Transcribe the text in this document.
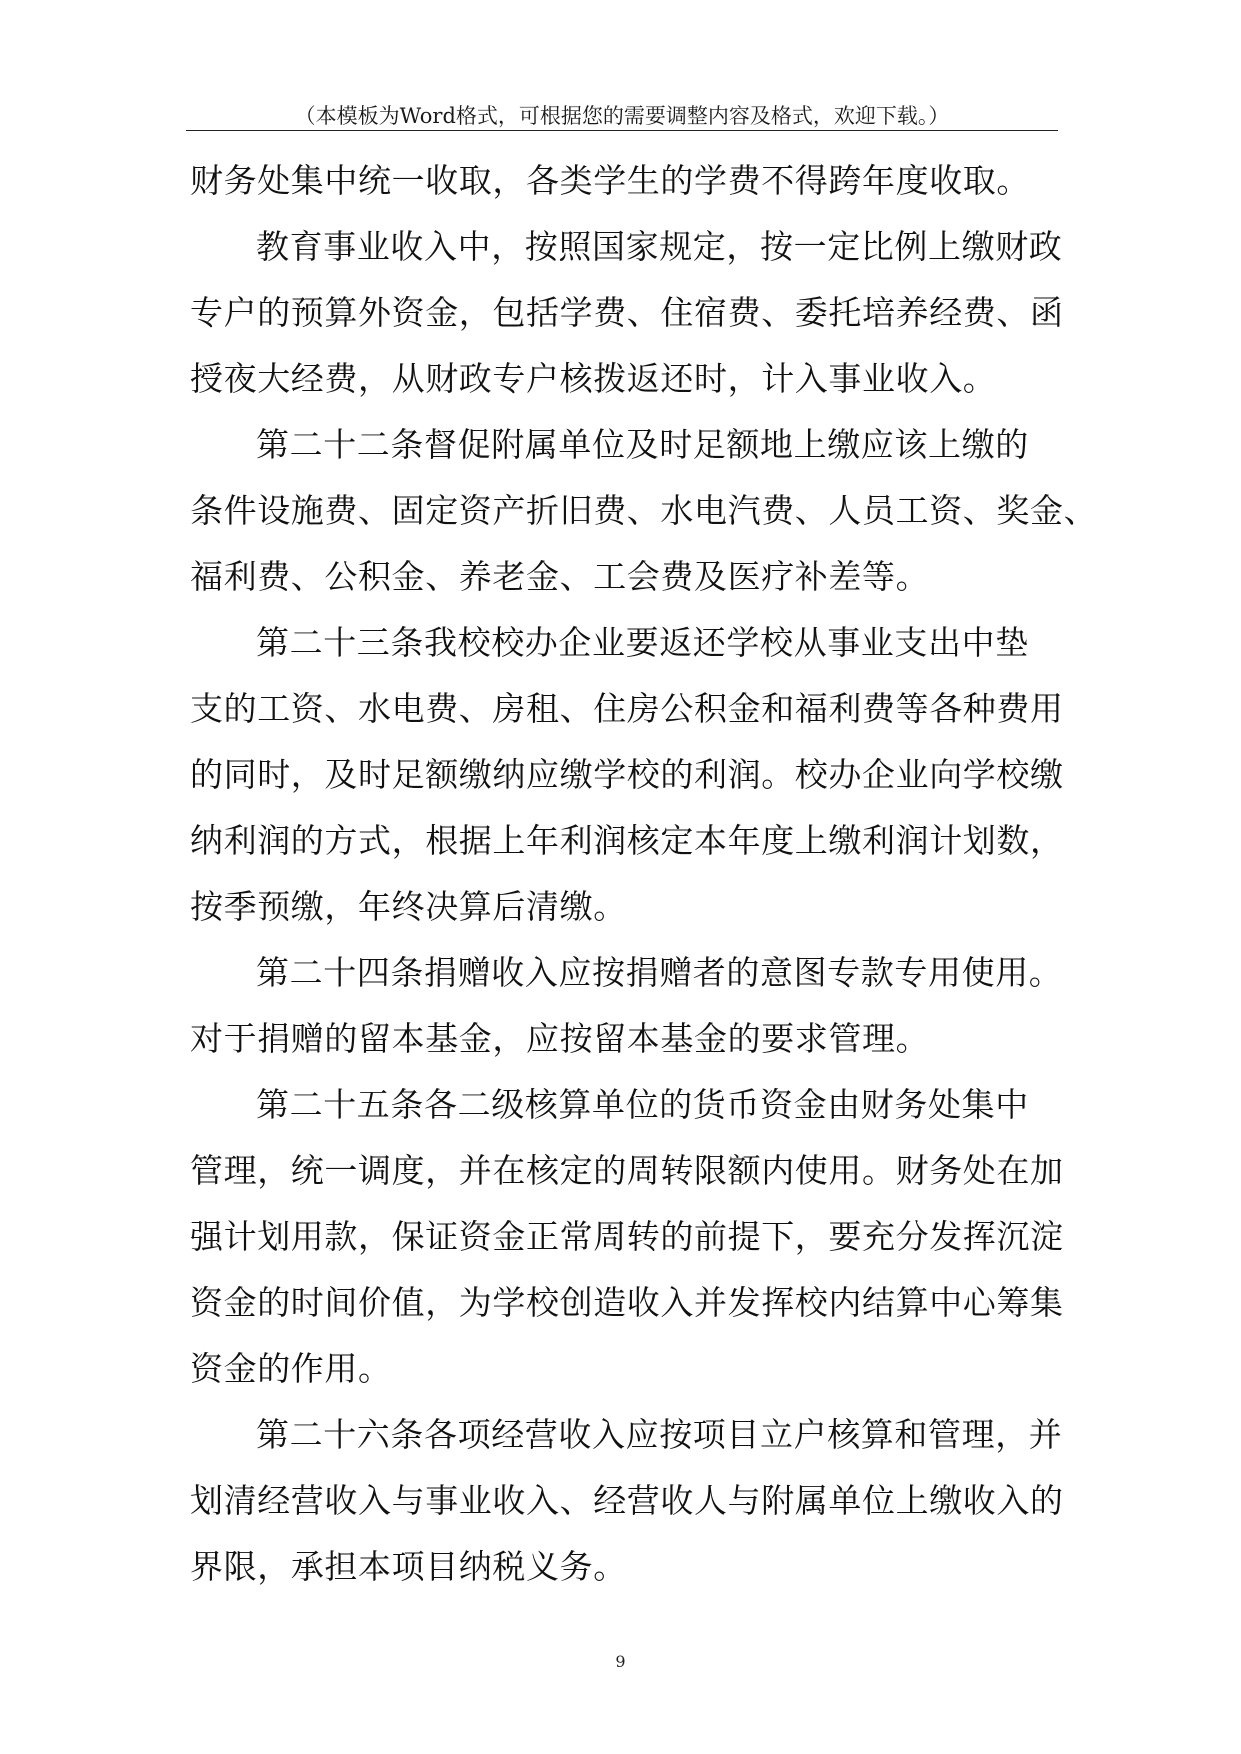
（本模板为Word格式，可根据您的需要调整内容及格式，欢迎下载。）
财务处集中统一收取，各类学生的学费不得跨年度收取。
教育事业收入中，按照国家规定，按一定比例上缴财政
专户的预算外资金，包括学费、住宿费、委托培养经费、函
授夜大经费，从财政专户核拨返还时，计入事业收入。
第二十二条督促附属单位及时足额地上缴应该上缴的
条件设施费、固定资产折旧费、水电汽费、人员工资、奖金、
福利费、公积金、养老金、工会费及医疗补差等。
第二十三条我校校办企业要返还学校从事业支出中垫
支的工资、水电费、房租、住房公积金和福利费等各种费用
的同时，及时足额缴纳应缴学校的利润。校办企业向学校缴
纳利润的方式，根据上年利润核定本年度上缴利润计划数，
按季预缴，年终决算后清缴。
第二十四条捐赠收入应按捐赠者的意图专款专用使用。
对于捐赠的留本基金，应按留本基金的要求管理。
第二十五条各二级核算单位的货币资金由财务处集中
管理，统一调度，并在核定的周转限额内使用。财务处在加
强计划用款，保证资金正常周转的前提下，要充分发挥沉淀
资金的时间价值，为学校创造收入并发挥校内结算中心筹集
资金的作用。
第二十六条各项经营收入应按项目立户核算和管理，并
划清经营收入与事业收入、经营收人与附属单位上缴收入的
界限，承担本项目纳税义务。
9
